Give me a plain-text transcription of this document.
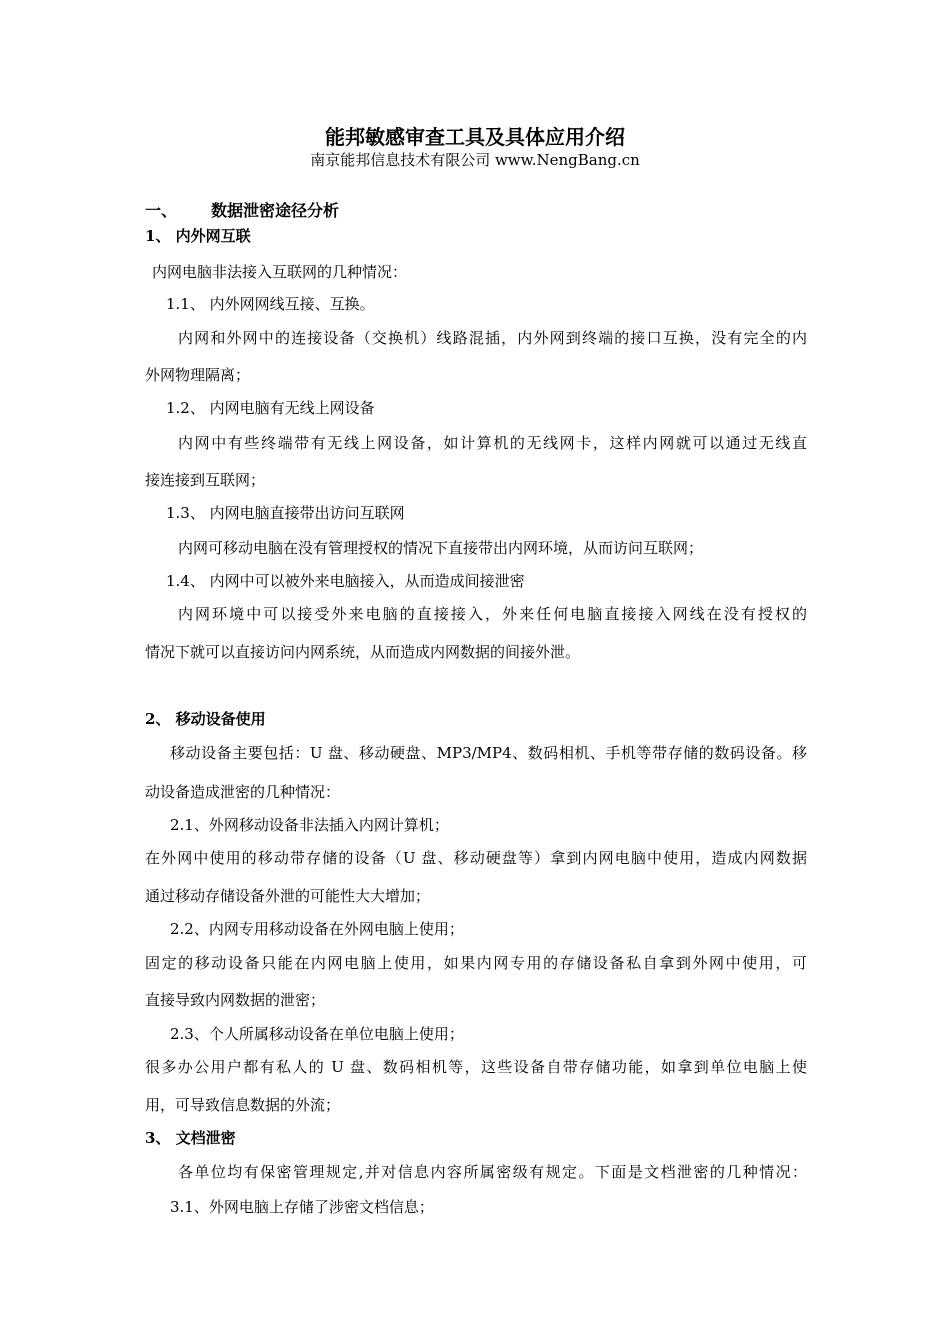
能邦敏感审查工具及具体应用介绍
南京能邦信息技术有限公司 www.NengBang.cn
一、 数据泄密途径分析
1、 内外网互联
内网电脑非法接入互联网的几种情况：
1.1、 内外网网线互接、互换。
内网和外网中的连接设备（交换机）线路混插，内外网到终端的接口互换，没有完全的内
外网物理隔离；
1.2、 内网电脑有无线上网设备
内网中有些终端带有无线上网设备，如计算机的无线网卡，这样内网就可以通过无线直
接连接到互联网；
1.3、 内网电脑直接带出访问互联网
内网可移动电脑在没有管理授权的情况下直接带出内网环境，从而访问互联网；
1.4、 内网中可以被外来电脑接入，从而造成间接泄密
内网环境中可以接受外来电脑的直接接入，外来任何电脑直接接入网线在没有授权的
情况下就可以直接访问内网系统，从而造成内网数据的间接外泄。
2、 移动设备使用
移动设备主要包括：U 盘、移动硬盘、MP3/MP4、数码相机、手机等带存储的数码设备。移
动设备造成泄密的几种情况：
2.1、外网移动设备非法插入内网计算机；
在外网中使用的移动带存储的设备（U 盘、移动硬盘等）拿到内网电脑中使用，造成内网数据
通过移动存储设备外泄的可能性大大增加；
2.2、内网专用移动设备在外网电脑上使用；
固定的移动设备只能在内网电脑上使用，如果内网专用的存储设备私自拿到外网中使用，可
直接导致内网数据的泄密；
2.3、个人所属移动设备在单位电脑上使用；
很多办公用户都有私人的 U 盘、数码相机等，这些设备自带存储功能，如拿到单位电脑上使
用，可导致信息数据的外流；
3、 文档泄密
各单位均有保密管理规定,并对信息内容所属密级有规定。下面是文档泄密的几种情况：
3.1、外网电脑上存储了涉密文档信息；
